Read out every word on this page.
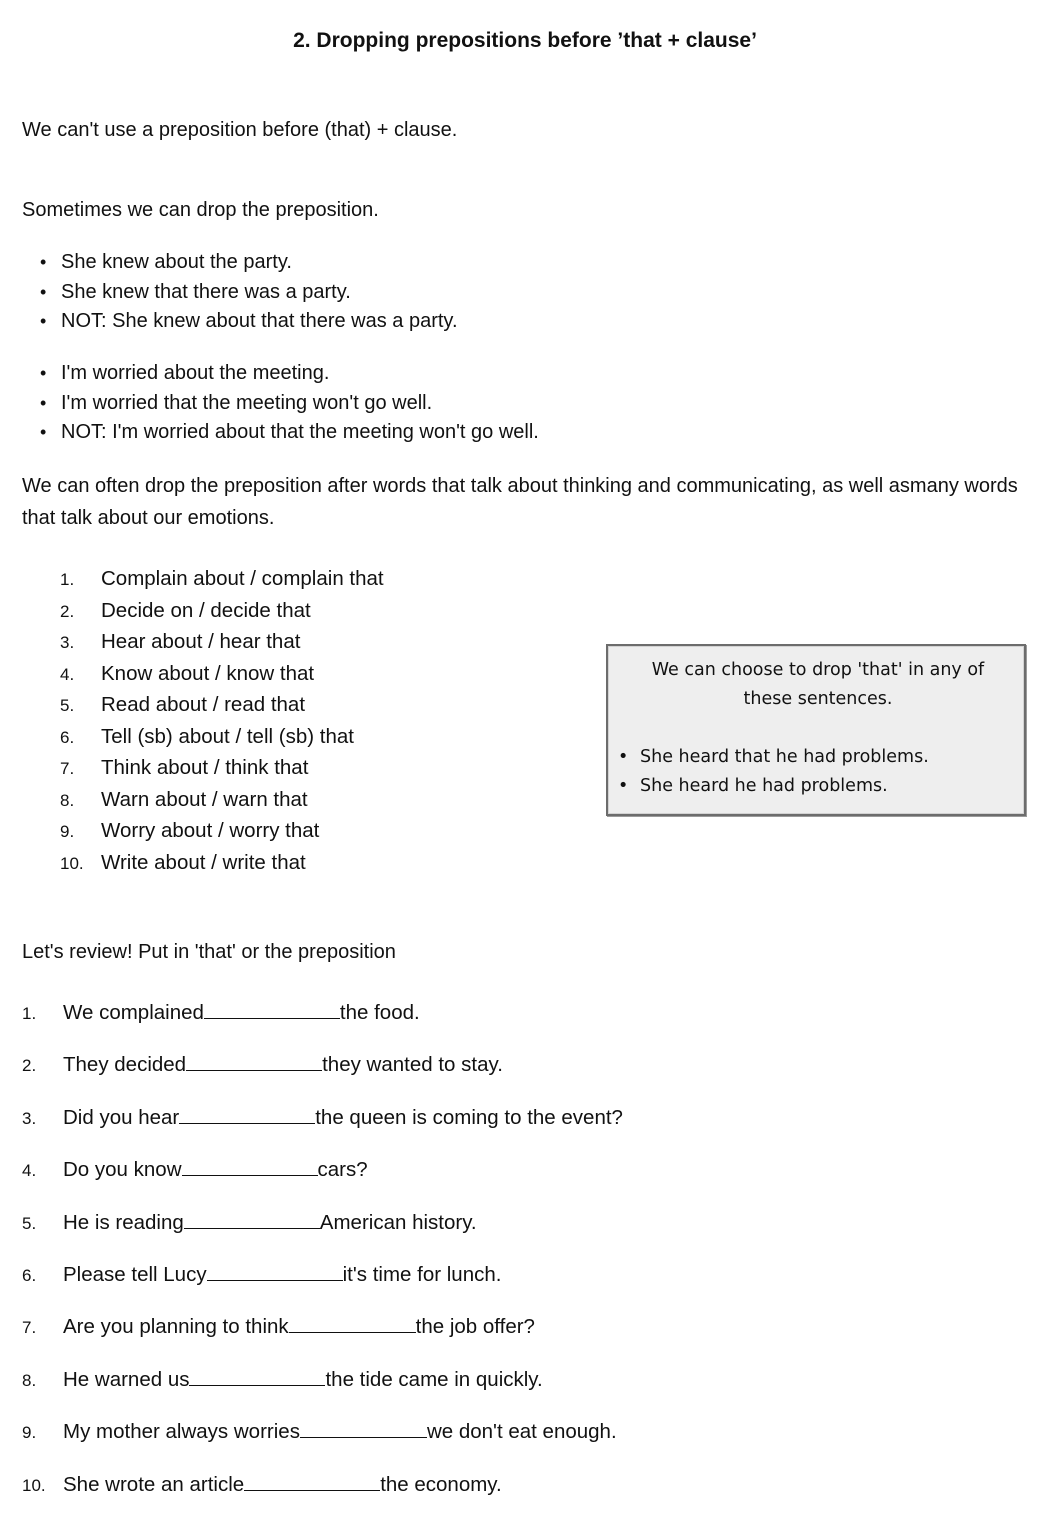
2. Dropping prepositions before ’that + clause’

We can't use a preposition before (that) + clause.

Sometimes we can drop the preposition.

• She knew about the party.
• She knew that there was a party.
• NOT: She knew about that there was a party.
• I'm worried about the meeting.
• I'm worried that the meeting won't go well.
• NOT: I'm worried about that the meeting won't go well.

We can often drop the preposition after words that talk about thinking and communicating, as well asmany words that talk about our emotions.

1. Complain about / complain that
2. Decide on / decide that
3. Hear about / hear that
4. Know about / know that
5. Read about / read that
6. Tell (sb) about / tell (sb) that
7. Think about / think that
8. Warn about / warn that
9. Worry about / worry that
10. Write about / write that
We can choose to drop 'that' in any of these sentences.
• She heard that he had problems.
• She heard he had problems.

Let's review! Put in 'that' or the preposition

1. We complained	the food.
2. They decided	they wanted to stay.
3. Did you hear	the queen is coming to the event?
4. Do you know	cars?
5. He is reading	American history.
6. Please tell Lucy	it's time for lunch.
7. Are you planning to think	the job offer?
8. He warned us	the tide came in quickly.
9. My mother always worries	we don't eat enough.
10. She wrote an article	the economy.
